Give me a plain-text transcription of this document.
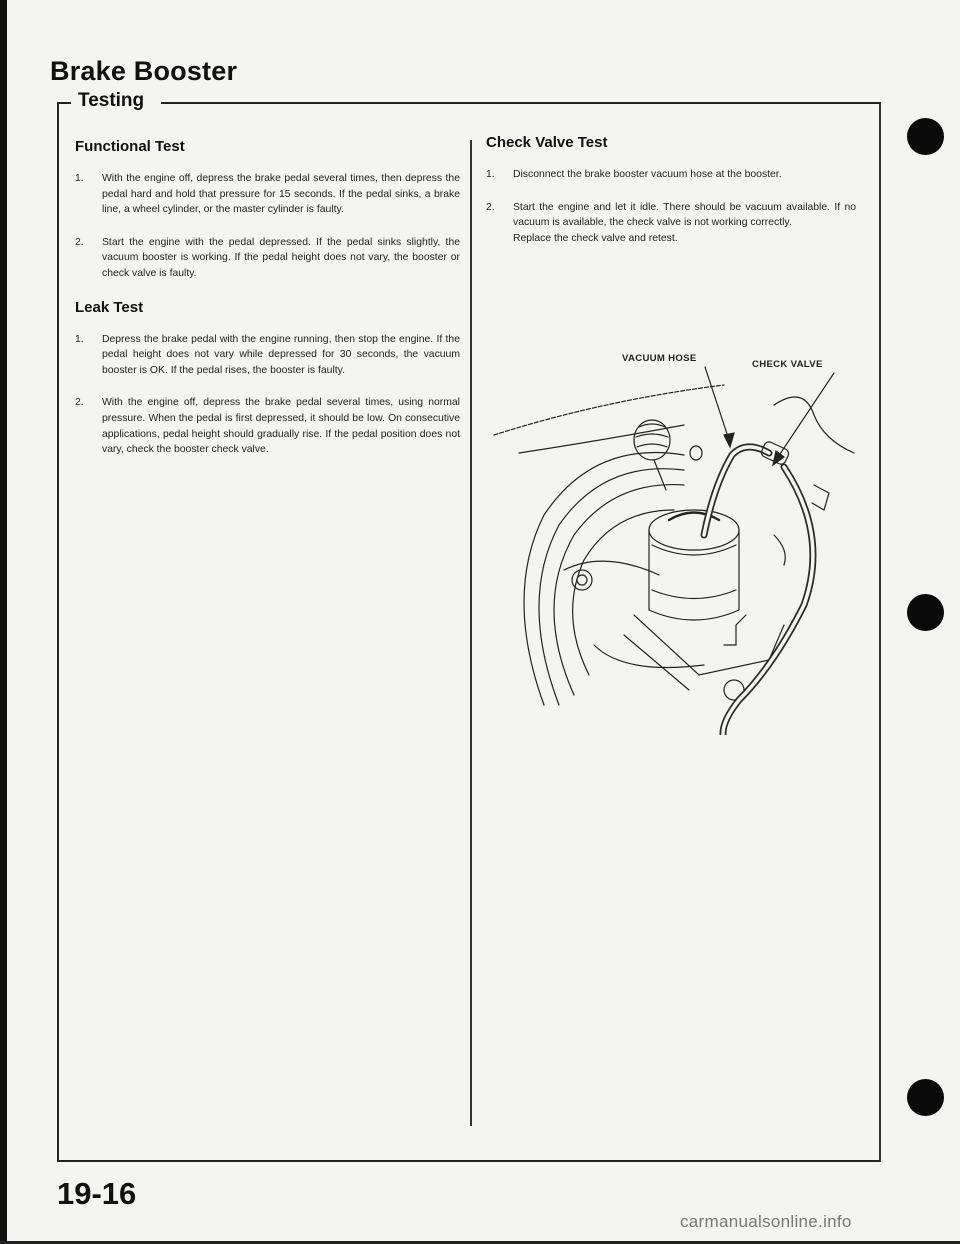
Brake Booster
Testing
Functional Test
1. With the engine off, depress the brake pedal several times, then depress the pedal hard and hold that pressure for 15 seconds. If the pedal sinks, a brake line, a wheel cylinder, or the master cylinder is faulty.
2. Start the engine with the pedal depressed. If the pedal sinks slightly, the vacuum booster is working. If the pedal height does not vary, the booster or check valve is faulty.
Leak Test
1. Depress the brake pedal with the engine running, then stop the engine. If the pedal height does not vary while depressed for 30 seconds, the vacuum booster is OK. If the pedal rises, the booster is faulty.
2. With the engine off, depress the brake pedal several times, using normal pressure. When the pedal is first depressed, it should be low. On consecutive applications, pedal height should gradually rise. If the pedal position does not vary, check the booster check valve.
Check Valve Test
1. Disconnect the brake booster vacuum hose at the booster.
2. Start the engine and let it idle. There should be vacuum available. If no vacuum is available, the check valve is not working correctly.
Replace the check valve and retest.
VACUUM HOSE
CHECK VALVE
19-16
carmanualsonline.info
